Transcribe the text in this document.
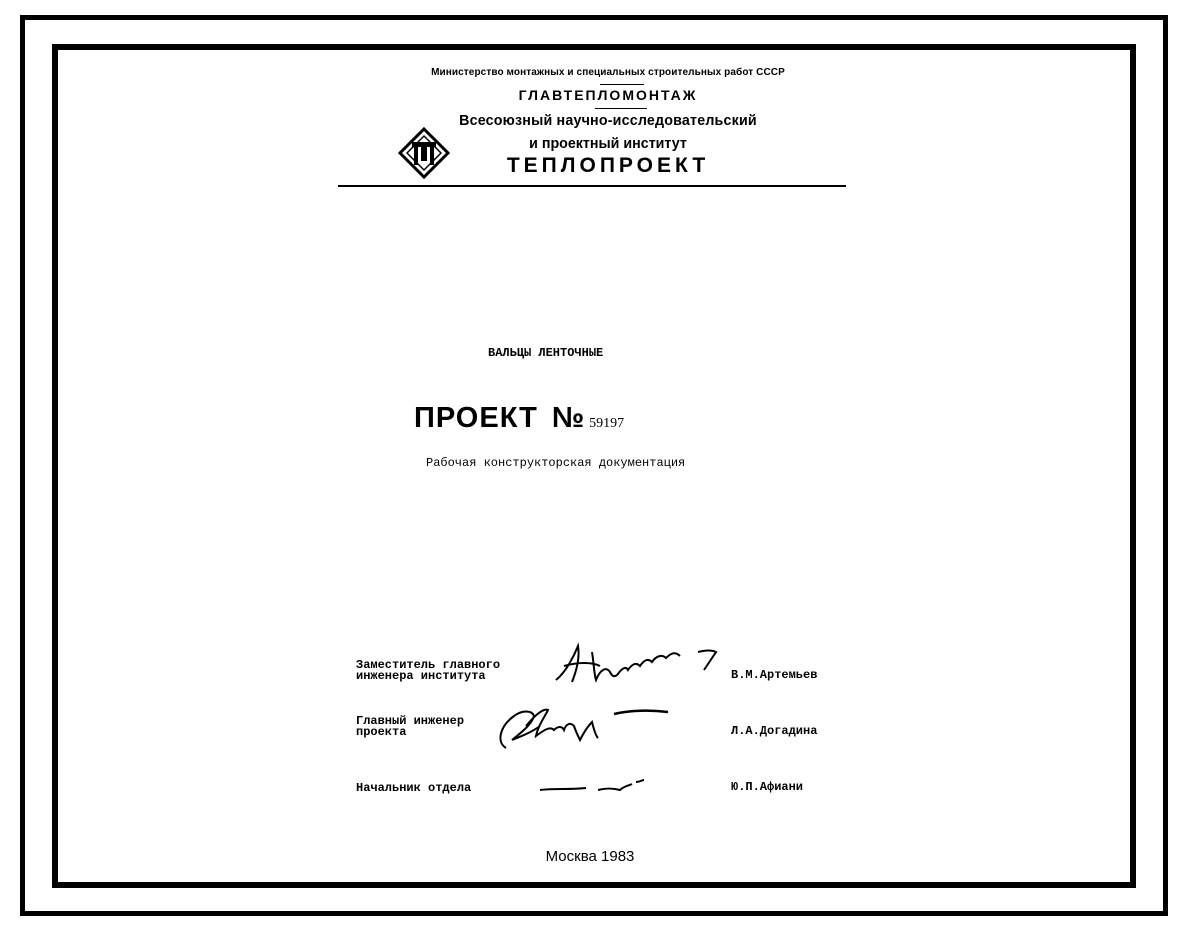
Министерство монтажных и специальных строительных работ СССР
ГЛАВТЕПЛОМОНТАЖ
Всесоюзный научно-исследовательский
и проектный институт
ТЕПЛОПРОЕКТ
ВАЛЬЦЫ ЛЕНТОЧНЫЕ
ПРОЕКТ № 59197
Рабочая конструкторская документация
Заместитель главного
инженера института	В.М.Артемьев
Главный инженер
проекта	Л.А.Догадина
Начальник отдела	Ю.П.Афиани
Москва 1983
